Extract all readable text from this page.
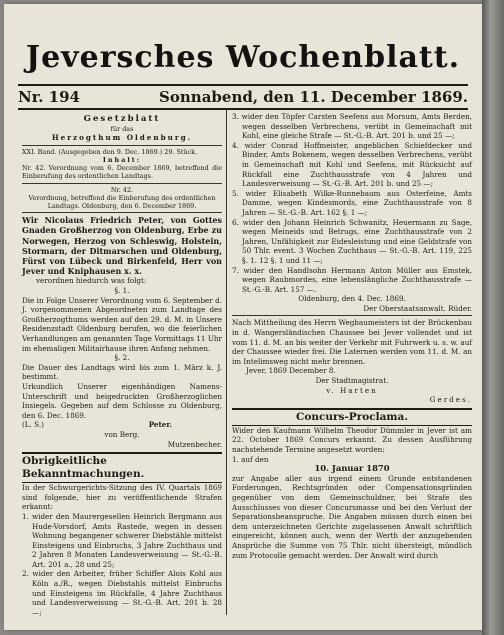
Jeversches Wochenblatt.
Nr. 194	Sonnabend, den 11. December 1869.

Gesetzblatt

für das

Herzogthum Oldenburg.

XXI. Band. (Ausgegeben den 9. Dec. 1869.) 29. Stück.

Inhalt:

Nr. 42. Verordnung vom 6. December 1869, betreffend die Einberufung des ordentlichen Landtags.

Nr. 42.

Verordnung, betreffend die Einberufung des ordentlichen Landtags. Oldenburg, den 6. December 1869.

Wir Nicolaus Friedrich Peter, von Gottes Gnaden Großherzog von Oldenburg, Erbe zu Norwegen, Herzog von Schleswig, Holstein, Stormarn, der Ditmarschen und Oldenburg, Fürst von Lübeck und Birkenfeld, Herr von Jever und Kniphausen x. x.

verordnen hiedurch was folgt:

§. 1.

Die in Folge Unserer Verordnung vom 6. September d. J. vorgenommenen Abgeordneten zum Landtage des Großherzogthums werden auf den 29. d. M. in Unsere Residenzstadt Oldenburg berufen, wo die feierlichen Verhandlungen am genannten Tage Vormittags 11 Uhr im ehemaligen Militairhause ihren Anfang nehmen.

§. 2.

Die Dauer des Landtags wird bis zum 1. März k. J. bestimmt.

Urkundlich Unserer eigenhändigen Namens-Unterschrift und beigedruckten Großherzoglichen Insiegels. Gegeben auf dem Schlosse zu Oldenburg, den 6. Dec. 1869.

(L. S.)	Peter.

von Berg.

Mutzenbecher.

Obrigkeitliche Bekanntmachungen.

In der Schwurgerichts-Sitzung des IV. Quartals 1869 sind folgende, hier zu veröffentlichende Strafen erkannt:

1. wider den Maurergesellen Heinrich Bergmann aus Hude-Vorsdorf, Amts Rastede, wegen in dessen Wohnung begangener schwerer Diebstähle mittelst Einsteigens und Einbruchs, 3 Jahre Zuchthaus und 2 Jahren 8 Monaten Landesverweisung — St.-G.-B. Art. 201 a., 28 und 25;

2. wider den Arbeiter, früher Schiffer Alois Kohl aus Köln a./R., wegen Diebstahls mittelst Einbruchs und Einsteigens im Rückfalle, 4 Jahre Zuchthaus und Landesverweisung — St.-G.-B. Art. 201 b. 28 —;

3. wider den Töpfer Carsten Seefens aus Morsum, Amts Berden, wegen desselben Verbrechens, verübt in Gemeinschaft mit Kohl, eine gleiche Strafe — St.-G.-B. Art. 201 b. und 25 —;

4. wider Conrad Hoffmeister, angeblichen Schiefdecker und Binder, Amts Bokenem, wegen desselben Verbrechens, verübt in Gemeinschaft mit Kohl und Seefens, mit Rücksicht auf Rückfall eine Zuchthausstrafe von 4 Jahren und Landesverweisung — St.-G.-B. Art. 201 b. und 25 —;

5. wider Elisabeth Wilke-Runnebaum aus Osterfeine, Amts Damme, wegen Kindesmords, eine Zuchthausstrafe von 8 Jahren — St.-G.-B. Art. 162 §. 1 —;

6. wider den Johann Heinrich Schwanitz, Heuermann zu Sage, wegen Meineids und Betrugs, eine Zuchthausstrafe von 2 Jahren, Unfähigkeit zur Eidesleistung und eine Geldstrafe von 50 Thlr. event. 3 Wochen Zuchthaus — St.-G.-B. Art. 119, 225 §. 1. 12 §. 1 und 11 —;

7. wider den Handlsohn Hermann Anton Müller aus Emstek, wegen Raubmordes, eine lebenslängliche Zuchthausstrafe — St.-G.-B. Art. 157 —.

Oldenburg, den 4. Dec. 1869.

Der Oberstaatsanwalt. Rüder.

Nach Mittheilung des Herrn Wegbaumeisters ist der Brückenbau in d. Wangersländischen Chaussee bei Jever vollendet und ist vom 11. d. M. an bis weiter der Verkehr mit Fuhrwerk u. s. w. auf der Chaussee wieder frei. Die Laternen werden vom 11. d. M. an im Intelimsweg nicht mehr brennen.

Jever, 1869 December 8.

Der Stadtmagistrat.

v. Harten

Gerdes.

Concurs-Proclama.

Wider den Kaufmann Wilhelm Theodor Dümmler in Jever ist am 22. October 1869 Concurs erkannt. Zu dessen Ausführung nachstehende Termine angesetzt worden:

1. auf den

10. Januar 1870

zur Angabe aller aus irgend einem Grunde entstandenen Forderungen, Rechtsgründen oder Compensationsgründen gegenüber von dem Gemeinschuldner, bei Strafe des Ausschlusses von dieser Concursmasse und bei den Verlust der Separationsbeanspruche. Die Angaben müssen durch einen bei dem unterzeichneten Gerichte zugelassenen Anwalt schriftlich eingereicht, können auch, wenn der Werth der anzugebenden Ansprüche die Summe von 75 Thlr. nicht übersteigt, mündlich zum Protocolle gemacht werden. Der Anwalt wird durch
